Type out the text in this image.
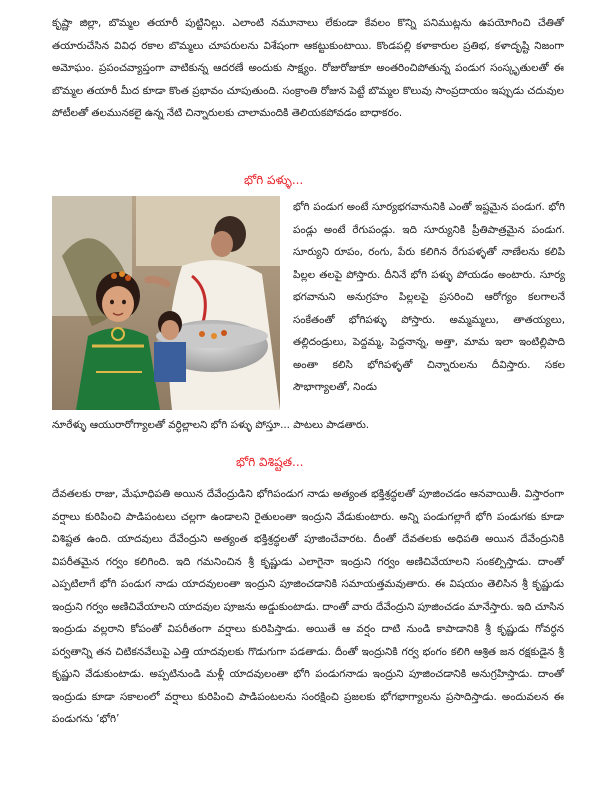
కృష్ణా జిల్లా, బొమ్మల తయారీ పుట్టినిల్లు. ఎలాంటి నమూనాలు లేకుండా కేవలం కొన్ని పనిముట్లను ఉపయోగించి చేతితో తయారుచేసిన వివిధ రకాల బొమ్మలు చూపరులను విశేషంగా ఆకట్టుకుంటాయి. కొండపల్లి కళాకారుల ప్రతిభ, కళాదృష్టి నిజంగా అమోఘం. ప్రపంచవ్యాప్తంగా వాటికున్న ఆదరణే అందుకు సాక్ష్యం. రోజురోజుకూ అంతరించిపోతున్న పండుగ సంస్కృతులతో ఈ బొమ్మల తయారీ మీద కూడా కొంత ప్రభావం చూపుతుంది. సంక్రాంతి రోజున పెట్టే బొమ్మల కొలువు సాంప్రదాయం ఇప్పుడు చదువుల పోటీలతో తలమునకలై ఉన్న నేటి చిన్నారులకు చాలామందికి తెలియకపోవడం బాధాకరం.

భోగి పళ్ళు...

భోగి పండుగ అంటే సూర్యభగవానునికి ఎంతో ఇష్టమైన పండుగ. భోగి పండ్లు అంటే రేగుపండ్లు. ఇది సూర్యునికి ప్రీతిపాత్రమైన పండుగ. సూర్యుని రూపం, రంగు, పేరు కలిగిన రేగుపళ్ళతో నాణేలను కలిపి పిల్లల తలపై పోస్తారు. దీనినే భోగి పళ్ళు పోయడం అంటారు. సూర్య భగవానుని అనుగ్రహం పిల్లలపై ప్రసరించి ఆరోగ్యం కలగాలనే సంకేతంతో భోగిపళ్ళు పోస్తారు. అమ్మమ్మలు, తాతయ్యలు, తల్లిదండ్రులు, పెద్దమ్మ, పెద్దనాన్న, అత్తా, మామ ఇలా ఇంటిల్లిపాది అంతా కలిసి భోగిపళ్ళతో చిన్నారులను దీవిస్తారు. సకల సౌభాగ్యాలతో, నిండు

నూరేళ్ళు ఆయురారోగ్యాలతో వర్ధిల్లాలని భోగి పళ్ళు పోస్తూ... పాటలు పాడతారు.

భోగి విశిష్టత...

దేవతలకు రాజు, మేఘాధిపతి అయిన దేవేంద్రుడిని భోగిపండుగ నాడు అత్యంత భక్తిశ్రద్ధలతో పూజించడం ఆనవాయితీ. విస్తారంగా వర్షాలు కురిపించి పాడిపంటలు చల్లగా ఉండాలని రైతులంతా ఇంద్రుని వేడుకుంటారు. అన్ని పండుగల్లాగే భోగి పండుగకు కూడా విశిష్టత ఉంది. యాదవులు దేవేంద్రుని అత్యంత భక్తిశ్రద్ధలతో పూజించేవారట. దీంతో దేవతలకు అధిపతి అయిన దేవేంద్రునికి విపరీతమైన గర్వం కలిగింది. ఇది గమనించిన శ్రీ కృష్ణుడు ఎలాగైనా ఇంద్రుని గర్వం అణిచివేయాలని సంకల్పిస్తాడు. దాంతో ఎప్పటిలాగే భోగి పండుగ నాడు యాదవులంతా ఇంద్రుని పూజించడానికి సమాయత్తమవుతారు. ఈ విషయం తెలిసిన శ్రీ కృష్ణుడు ఇంద్రుని గర్వం అణిచివేయాలని యాదవుల పూజను అడ్డుకుంటాడు. దాంతో వారు దేవేంద్రుని పూజించడం మానేస్తారు. ఇది చూసిన ఇంద్రుడు వల్లరాని కోపంతో విపరీతంగా వర్షాలు కురిపిస్తాడు. అయితే ఆ వర్షం దాటి నుండి కాపాడానికి శ్రీ కృష్ణుడు గోవర్ధన పర్వతాన్ని తన చిటికనవేలుపై ఎత్తి యాదవులకు గొడుగుగా పడతాడు. దీంతో ఇంద్రునికి గర్వ భంగం కలిగి ఆశ్రిత జన రక్షకుడైన శ్రీ కృష్ణుని వేడుకుంటాడు. అప్పటినుండి మళ్లీ యాదవులంతా భోగి పండుగనాడు ఇంద్రుని పూజించడానికి అనుగ్రహిస్తాడు. దాంతో ఇంద్రుడు కూడా సకాలంలో వర్షాలు కురిపించి పాడిపంటలను సంరక్షించి ప్రజలకు భోగభాగ్యాలను ప్రసాదిస్తాడు. అందువలన ఈ పండుగను ‘భోగి’
